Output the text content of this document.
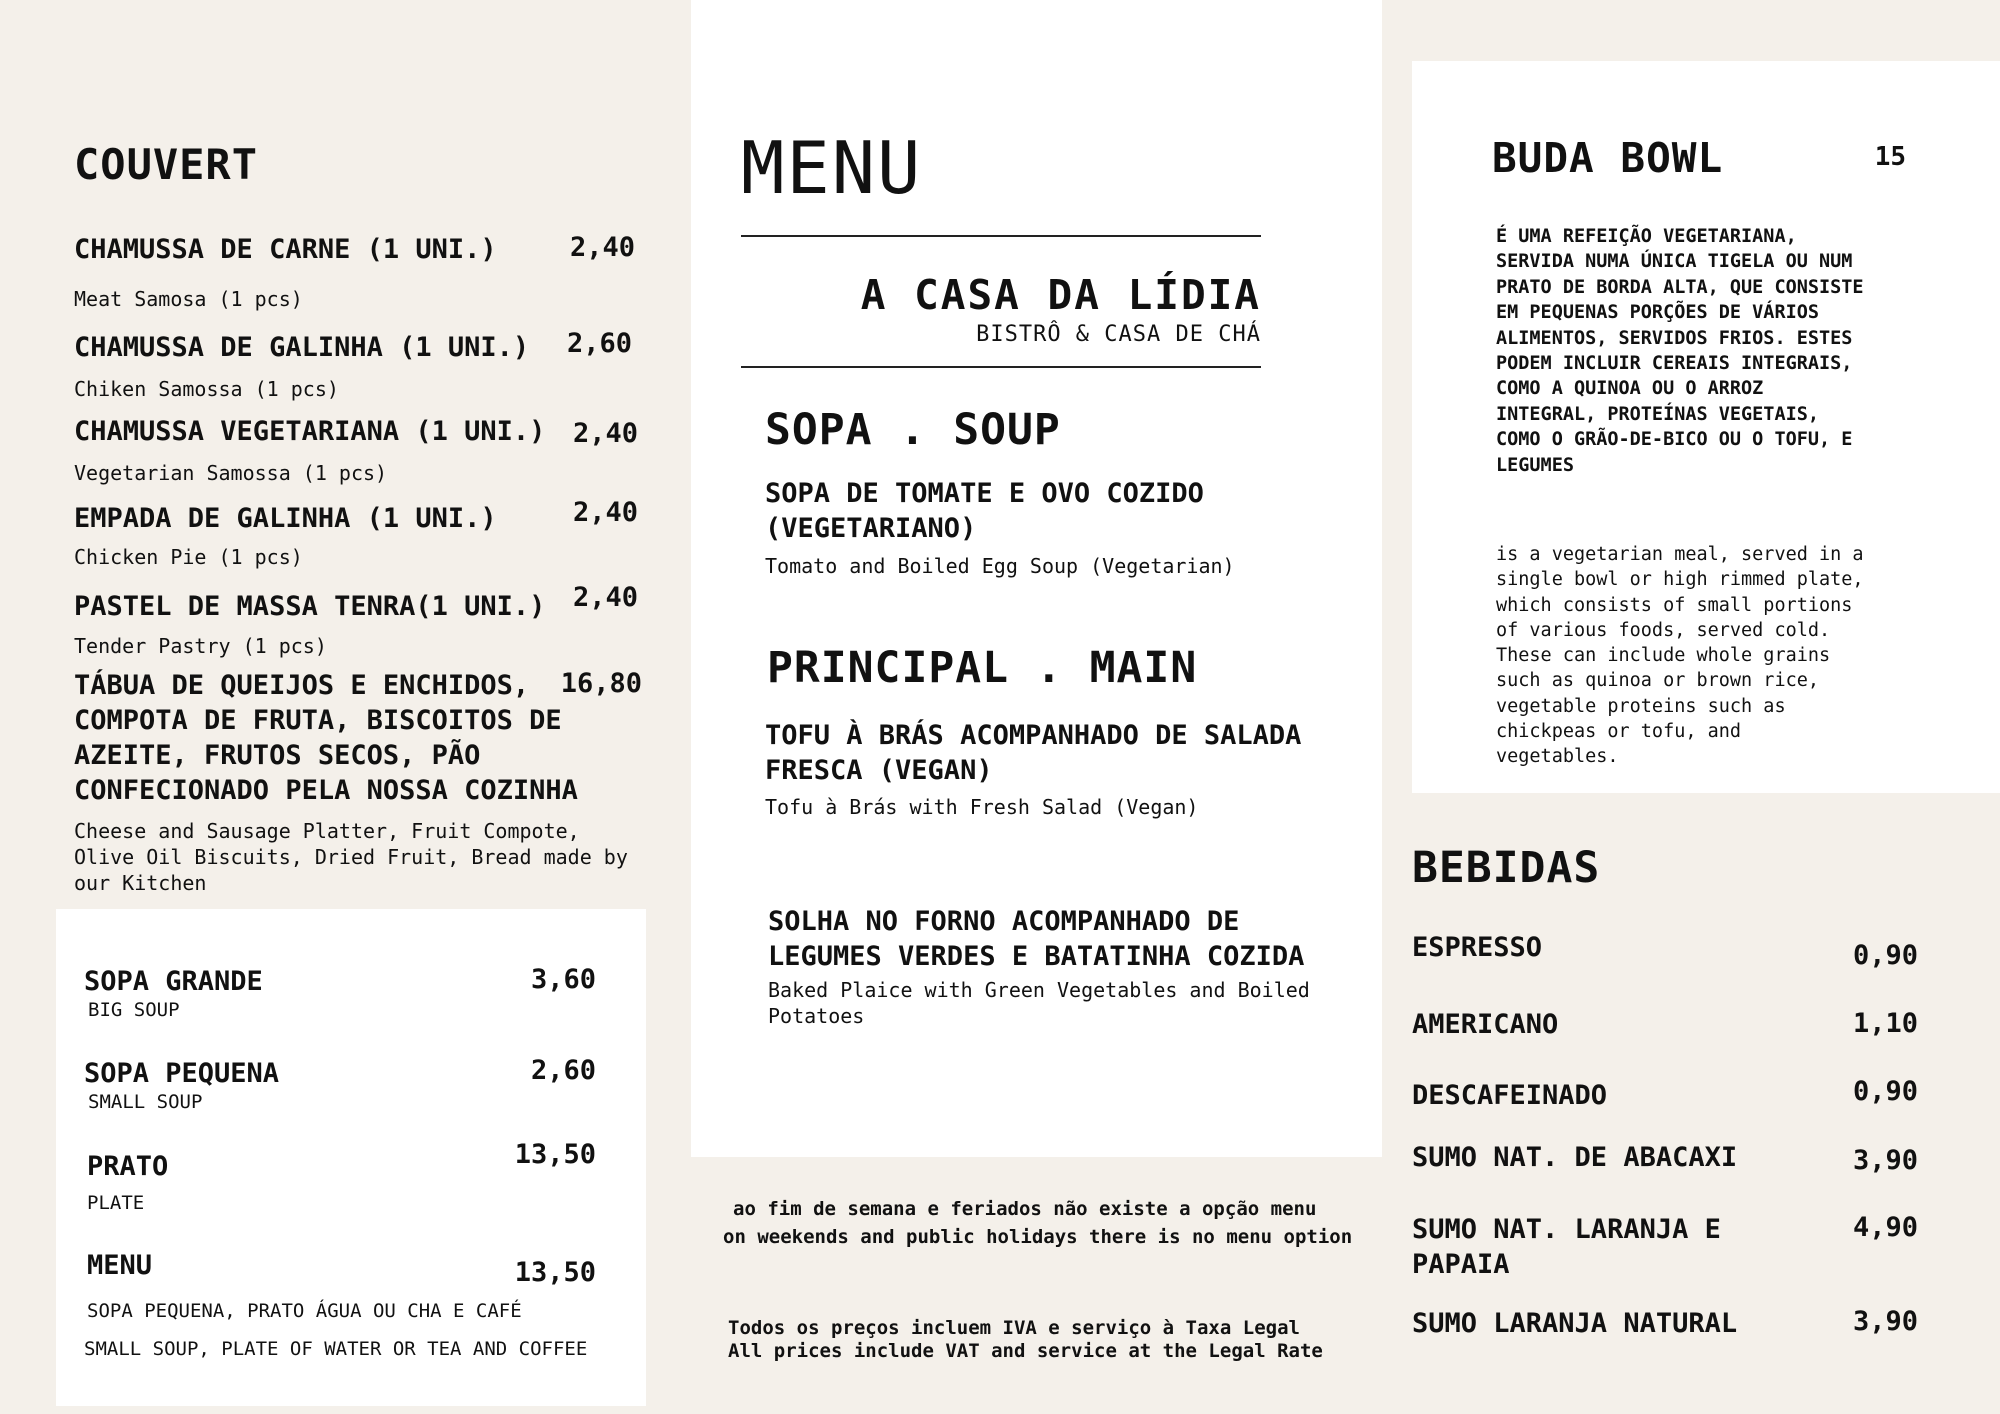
COUVERT
CHAMUSSA DE CARNE (1 UNI.)	2,40
Meat Samosa (1 pcs)
CHAMUSSA DE GALINHA (1 UNI.)	2,60
Chiken Samossa (1 pcs)
CHAMUSSA VEGETARIANA (1 UNI.)	2,40
Vegetarian Samossa (1 pcs)
EMPADA DE GALINHA (1 UNI.)	2,40
Chicken Pie (1 pcs)
PASTEL DE MASSA TENRA(1 UNI.)	2,40
Tender Pastry (1 pcs)
TÁBUA DE QUEIJOS E ENCHIDOS, COMPOTA DE FRUTA, BISCOITOS DE AZEITE, FRUTOS SECOS, PÃO CONFECIONADO PELA NOSSA COZINHA
16,80
Cheese and Sausage Platter, Fruit Compote, Olive Oil Biscuits, Dried Fruit, Bread made by our Kitchen
SOPA GRANDE	3,60
BIG SOUP
SOPA PEQUENA	2,60
SMALL SOUP
PRATO	13,50
PLATE
MENU	13,50
SOPA PEQUENA, PRATO ÁGUA OU CHA E CAFÉ
SMALL SOUP, PLATE OF WATER OR TEA AND COFFEE
MENU
A CASA DA LÍDIA
BISTRÔ & CASA DE CHÁ
SOPA . SOUP
SOPA DE TOMATE E OVO COZIDO (VEGETARIANO)
Tomato and Boiled Egg Soup (Vegetarian)
PRINCIPAL . MAIN
TOFU À BRÁS ACOMPANHADO DE SALADA FRESCA (VEGAN)
Tofu à Brás with Fresh Salad (Vegan)
SOLHA NO FORNO ACOMPANHADO DE LEGUMES VERDES E BATATINHA COZIDA
Baked Plaice with Green Vegetables and Boiled Potatoes
ao fim de semana e feriados não existe a opção menu
on weekends and public holidays there is no menu option
Todos os preços incluem IVA e serviço à Taxa Legal
All prices include VAT and service at the Legal Rate
BUDA BOWL	15
É UMA REFEIÇÃO VEGETARIANA, SERVIDA NUMA ÚNICA TIGELA OU NUM PRATO DE BORDA ALTA, QUE CONSISTE EM PEQUENAS PORÇÕES DE VÁRIOS ALIMENTOS, SERVIDOS FRIOS. ESTES PODEM INCLUIR CEREAIS INTEGRAIS, COMO A QUINOA OU O ARROZ INTEGRAL, PROTEÍNAS VEGETAIS, COMO O GRÃO-DE-BICO OU O TOFU, E LEGUMES
is a vegetarian meal, served in a single bowl or high rimmed plate, which consists of small portions of various foods, served cold. These can include whole grains such as quinoa or brown rice, vegetable proteins such as chickpeas or tofu, and vegetables.
BEBIDAS
ESPRESSO	0,90
AMERICANO	1,10
DESCAFEINADO	0,90
SUMO NAT. DE ABACAXI	3,90
SUMO NAT. LARANJA E PAPAIA
4,90
SUMO LARANJA NATURAL	3,90
